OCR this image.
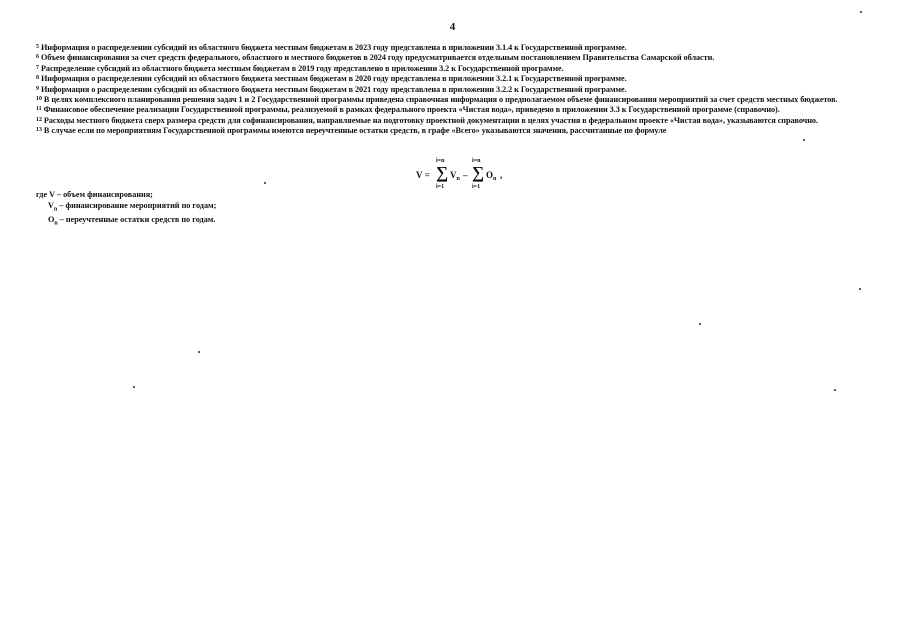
4
$^5$ Информация о распределении субсидий из областного бюджета местным бюджетам в 2023 году представлена в приложении 3.1.4 к Государственной программе.
$^6$ Объем финансирования за счет средств федерального, областного и местного бюджетов в 2024 году предусматривается отдельным постановлением Правительства Самарской области.
$^7$ Распределение субсидий из областного бюджета местным бюджетам в 2019 году представлено в приложении 3.2 к Государственной программе.
$^8$ Информация о распределении субсидий из областного бюджета местным бюджетам в 2020 году представлена в приложении 3.2.1 к Государственной программе.
$^9$ Информация о распределении субсидий из областного бюджета местным бюджетам в 2021 году представлена в приложении 3.2.2 к Государственной программе.
$^{10}$ В целях комплексного планирования решения задач 1 и 2 Государственной программы приведена справочная информация о предполагаемом объеме финансирования мероприятий за счет средств местных бюджетов.
$^{11}$ Финансовое обеспечение реализации Государственной программы, реализуемой в рамках федерального проекта «Чистая вода», приведено в приложении 3.3 к Государственной программе (справочно).
$^{12}$ Расходы местного бюджета сверх размера средств для софинансирования, направляемые на подготовку проектной документации в целях участия в федеральном проекте «Чистая вода», указываются справочно.
$^{13}$ В случае если по мероприятиям Государственной программы имеются переучтенные остатки средств, в графе «Всего» указываются значения, рассчитанные по формуле
V =
i=n
∑
i=1
$V_n$ –
i=n
∑
i=1
$O_n$ ,
где V – объем финансирования;
$V_n$ – финансирование мероприятий по годам;
$O_n$ – переучтенные остатки средств по годам.
